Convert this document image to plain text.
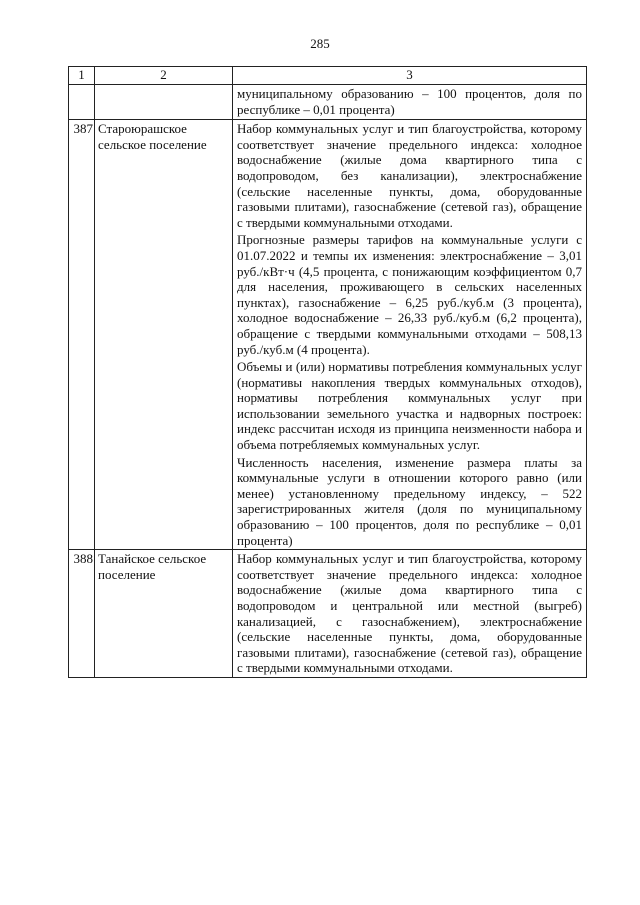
285
1	2	3

		муниципальному образованию – 100 процентов, доля по республике – 0,01 процента)

387	Староюрашское сельское поселение	Набор коммунальных услуг и тип благоустройства, которому соответствует значение предельного индекса: холодное водоснабжение (жилые дома квартирного типа с водопроводом, без канализации), электроснабжение (сельские населенные пункты, дома, оборудованные газовыми плитами), газоснабжение (сетевой газ), обращение с твердыми коммунальными отходами.

Прогнозные размеры тарифов на коммунальные услуги с 01.07.2022 и темпы их изменения: электроснабжение – 3,01 руб./кВт·ч (4,5 процента, с понижающим коэффициентом 0,7 для населения, проживающего в сельских населенных пунктах), газоснабжение – 6,25 руб./куб.м (3 процента), холодное водоснабжение – 26,33 руб./куб.м (6,2 процента), обращение с твердыми коммунальными отходами – 508,13 руб./куб.м (4 процента).

Объемы и (или) нормативы потребления коммунальных услуг (нормативы накопления твердых коммунальных отходов), нормативы потребления коммунальных услуг при использовании земельного участка и надворных построек: индекс рассчитан исходя из принципа неизменности набора и объема потребляемых коммунальных услуг.

Численность населения, изменение размера платы за коммунальные услуги в отношении которого равно (или менее) установленному предельному индексу, – 522 зарегистрированных жителя (доля по муниципальному образованию – 100 процентов, доля по республике – 0,01 процента)

388	Танайское сельское поселение	Набор коммунальных услуг и тип благоустройства, которому соответствует значение предельного индекса: холодное водоснабжение (жилые дома квартирного типа с водопроводом и центральной или местной (выгреб) канализацией, с газоснабжением), электроснабжение (сельские населенные пункты, дома, оборудованные газовыми плитами), газоснабжение (сетевой газ), обращение с твердыми коммунальными отходами.
